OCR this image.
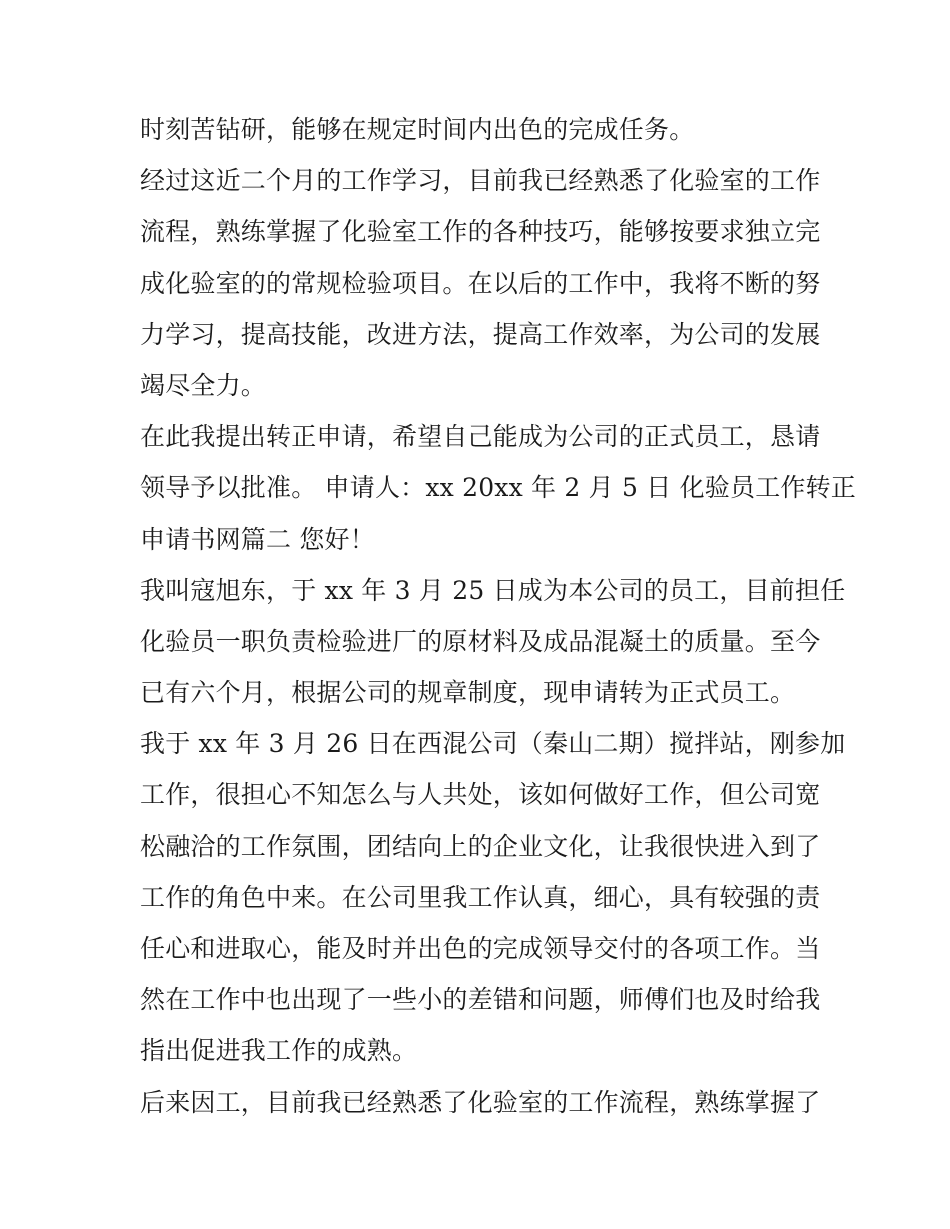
时刻苦钻研，能够在规定时间内出色的完成任务。
经过这近二个月的工作学习，目前我已经熟悉了化验室的工作
流程，熟练掌握了化验室工作的各种技巧，能够按要求独立完
成化验室的的常规检验项目。在以后的工作中，我将不断的努
力学习，提高技能，改进方法，提高工作效率，为公司的发展
竭尽全力。
在此我提出转正申请，希望自己能成为公司的正式员工，恳请
领导予以批准。 申请人：xx 20xx 年 2 月 5 日 化验员工作转正
申请书网篇二 您好！
我叫寇旭东，于 xx 年 3 月 25 日成为本公司的员工，目前担任
化验员一职负责检验进厂的原材料及成品混凝土的质量。至今
已有六个月，根据公司的规章制度，现申请转为正式员工。
我于 xx 年 3 月 26 日在西混公司（秦山二期）搅拌站，刚参加
工作，很担心不知怎么与人共处，该如何做好工作，但公司宽
松融洽的工作氛围，团结向上的企业文化，让我很快进入到了
工作的角色中来。在公司里我工作认真，细心，具有较强的责
任心和进取心，能及时并出色的完成领导交付的各项工作。当
然在工作中也出现了一些小的差错和问题，师傅们也及时给我
指出促进我工作的成熟。
后来因工，目前我已经熟悉了化验室的工作流程，熟练掌握了
